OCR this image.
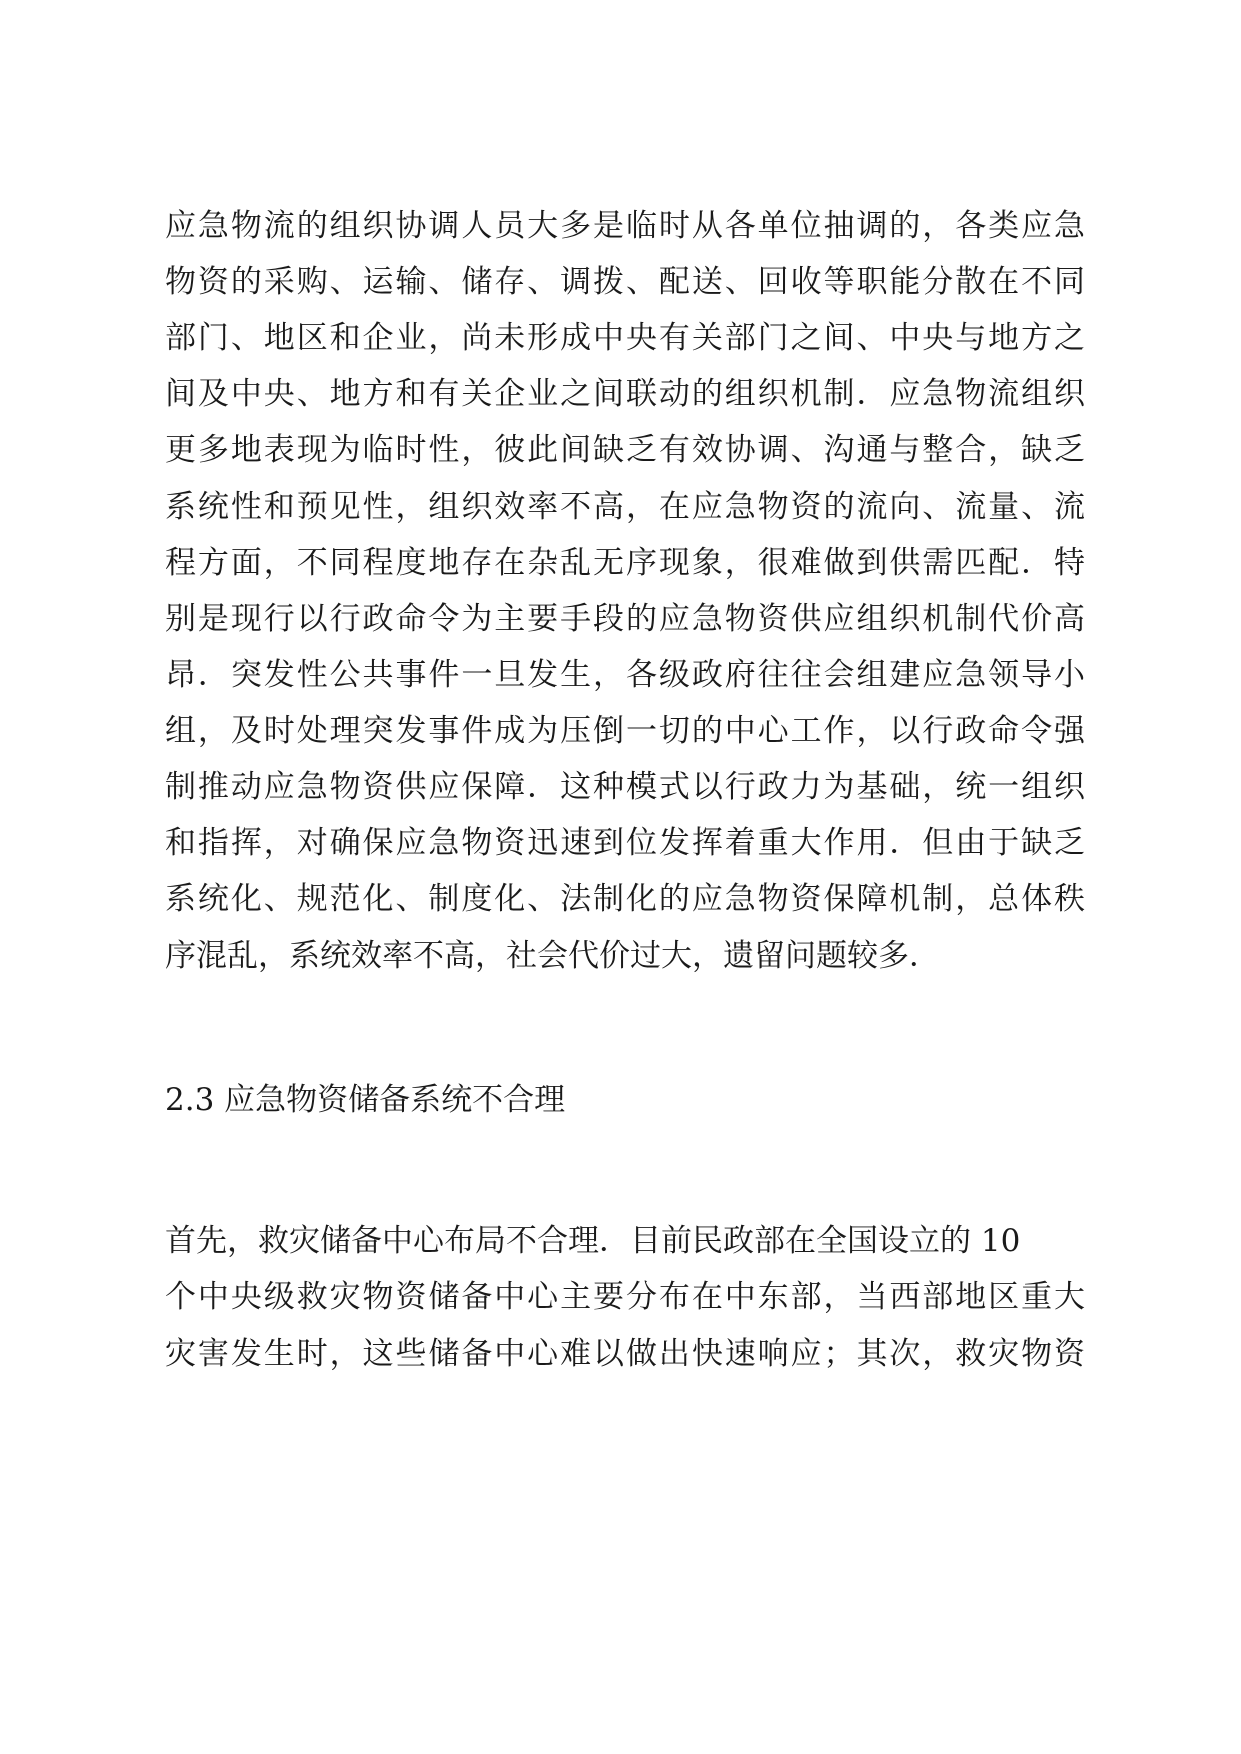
应急物流的组织协调人员大多是临时从各单位抽调的，各类应急

物资的采购、运输、储存、调拨、配送、回收等职能分散在不同

部门、地区和企业，尚未形成中央有关部门之间、中央与地方之

间及中央、地方和有关企业之间联动的组织机制．应急物流组织

更多地表现为临时性，彼此间缺乏有效协调、沟通与整合，缺乏

系统性和预见性，组织效率不高，在应急物资的流向、流量、流

程方面，不同程度地存在杂乱无序现象，很难做到供需匹配．特

别是现行以行政命令为主要手段的应急物资供应组织机制代价高

昂．突发性公共事件一旦发生，各级政府往往会组建应急领导小

组，及时处理突发事件成为压倒一切的中心工作，以行政命令强

制推动应急物资供应保障．这种模式以行政力为基础，统一组织

和指挥，对确保应急物资迅速到位发挥着重大作用．但由于缺乏

系统化、规范化、制度化、法制化的应急物资保障机制，总体秩

序混乱，系统效率不高，社会代价过大，遗留问题较多．

2.3 应急物资储备系统不合理

首先，救灾储备中心布局不合理．目前民政部在全国设立的 10

个中央级救灾物资储备中心主要分布在中东部，当西部地区重大

灾害发生时，这些储备中心难以做出快速响应；其次，救灾物资
